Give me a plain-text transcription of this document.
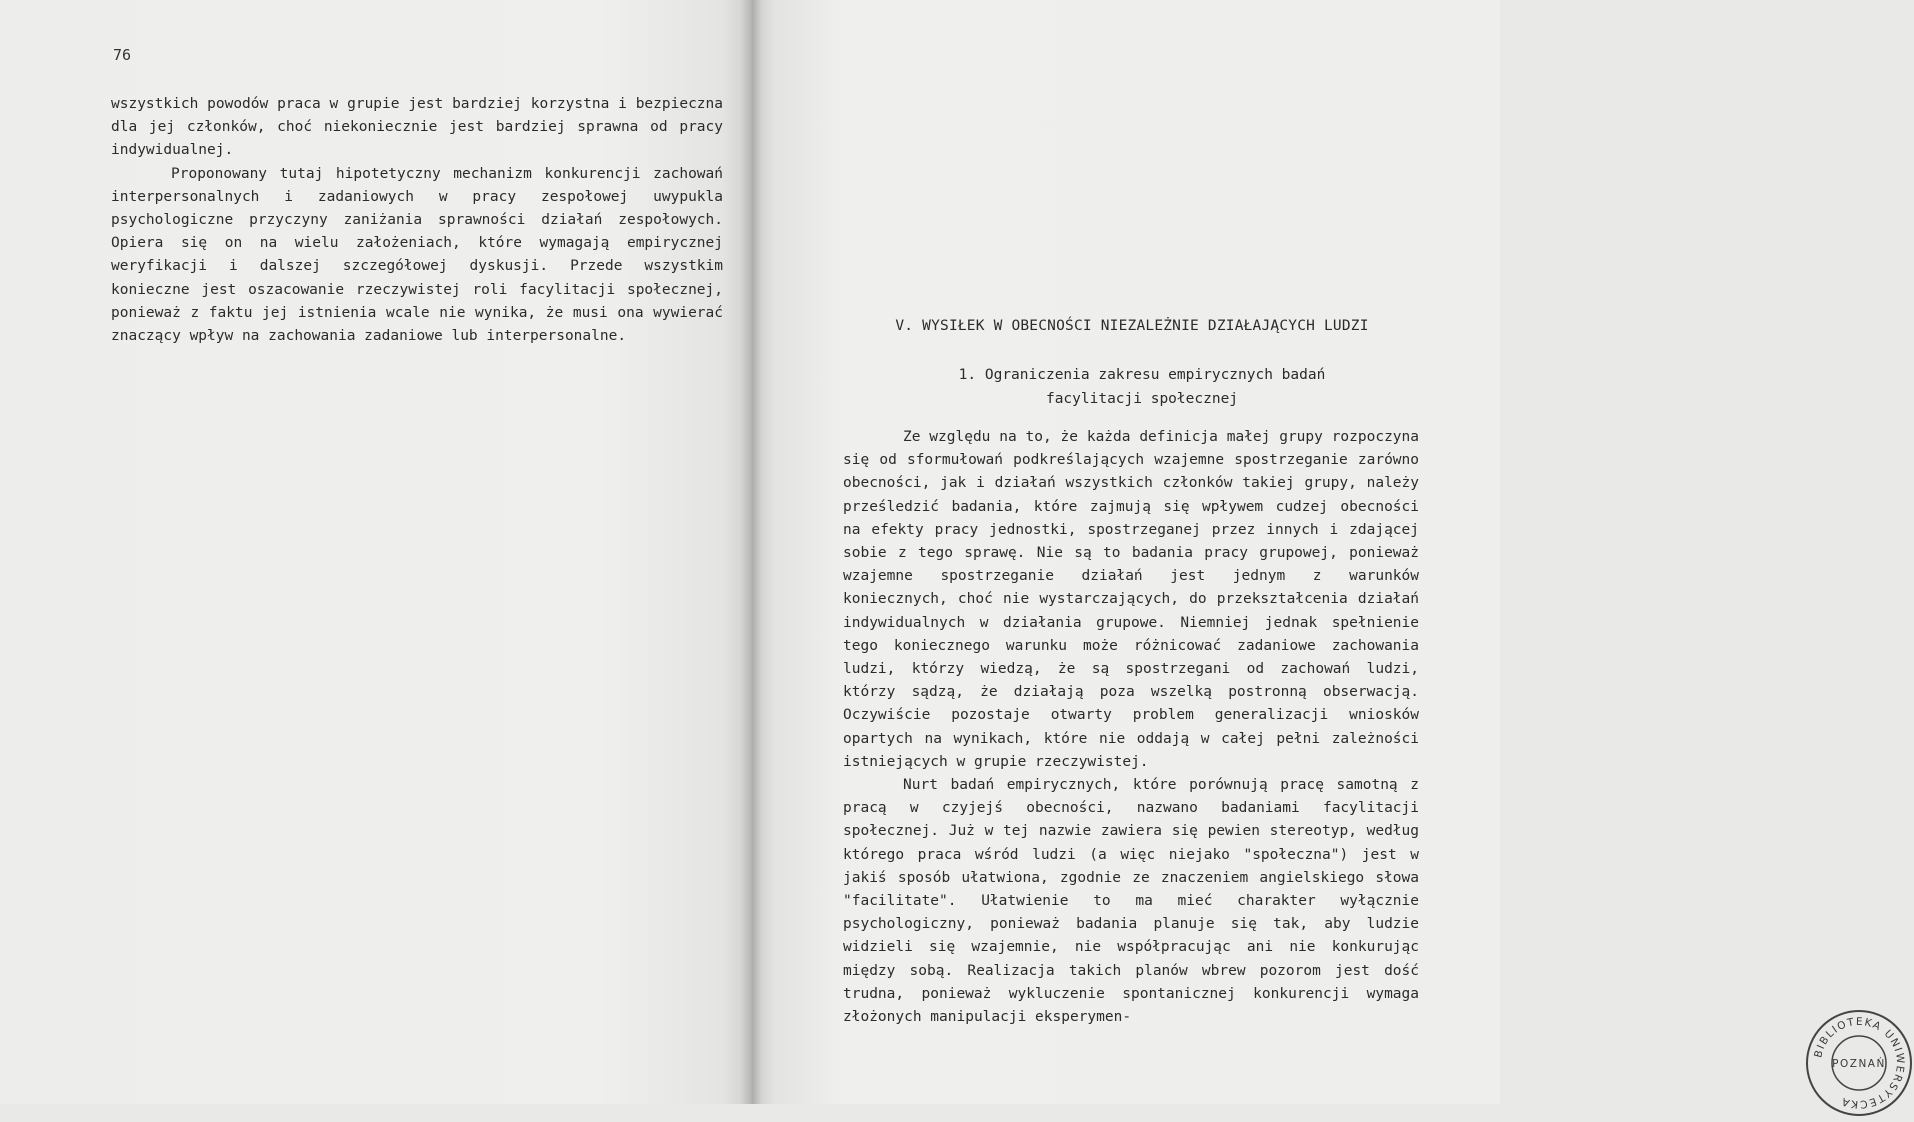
76

wszystkich powodów praca w grupie jest bardziej korzystna i bezpieczna dla jej członków, choć niekoniecznie jest bardziej sprawna od pracy indywidualnej.

Proponowany tutaj hipotetyczny mechanizm konkurencji zachowań interpersonalnych i zadaniowych w pracy zespołowej uwypukla psychologiczne przyczyny zaniżania sprawności działań zespołowych. Opiera się on na wielu założeniach, które wymagają empirycznej weryfikacji i dalszej szczegółowej dyskusji. Przede wszystkim konieczne jest oszacowanie rzeczywistej roli facylitacji społecznej, ponieważ z faktu jej istnienia wcale nie wynika, że musi ona wywierać znaczący wpływ na zachowania zadaniowe lub interpersonalne.

V. WYSIŁEK W OBECNOŚCI NIEZALEŻNIE DZIAŁAJĄCYCH LUDZI
1. Ograniczenia zakresu empirycznych badań
facylitacji społecznej

Ze względu na to, że każda definicja małej grupy rozpoczyna się od sformułowań podkreślających wzajemne spostrzeganie zarówno obecności, jak i działań wszystkich członków takiej grupy, należy prześledzić badania, które zajmują się wpływem cudzej obecności na efekty pracy jednostki, spostrzeganej przez innych i zdającej sobie z tego sprawę. Nie są to badania pracy grupowej, ponieważ wzajemne spostrzeganie działań jest jednym z warunków koniecznych, choć nie wystarczających, do przekształcenia działań indywidualnych w działania grupowe. Niemniej jednak spełnienie tego koniecznego warunku może różnicować zadaniowe zachowania ludzi, którzy wiedzą, że są spostrzegani od zachowań ludzi, którzy sądzą, że działają poza wszelką postronną obserwacją. Oczywiście pozostaje otwarty problem generalizacji wniosków opartych na wynikach, które nie oddają w całej pełni zależności istniejących w grupie rzeczywistej.

Nurt badań empirycznych, które porównują pracę samotną z pracą w czyjejś obecności, nazwano badaniami facylitacji społecznej. Już w tej nazwie zawiera się pewien stereotyp, według którego praca wśród ludzi (a więc niejako "społeczna") jest w jakiś sposób ułatwiona, zgodnie ze znaczeniem angielskiego słowa "facilitate". Ułatwienie to ma mieć charakter wyłącznie psychologiczny, ponieważ badania planuje się tak, aby ludzie widzieli się wzajemnie, nie współpracując ani nie konkurując między sobą. Realizacja takich planów wbrew pozorom jest dość trudna, ponieważ wykluczenie spontanicznej konkurencji wymaga złożonych manipulacji eksperymen-

BIBLIOTEKA UNIWERSYTECKA
POZNAŃ
